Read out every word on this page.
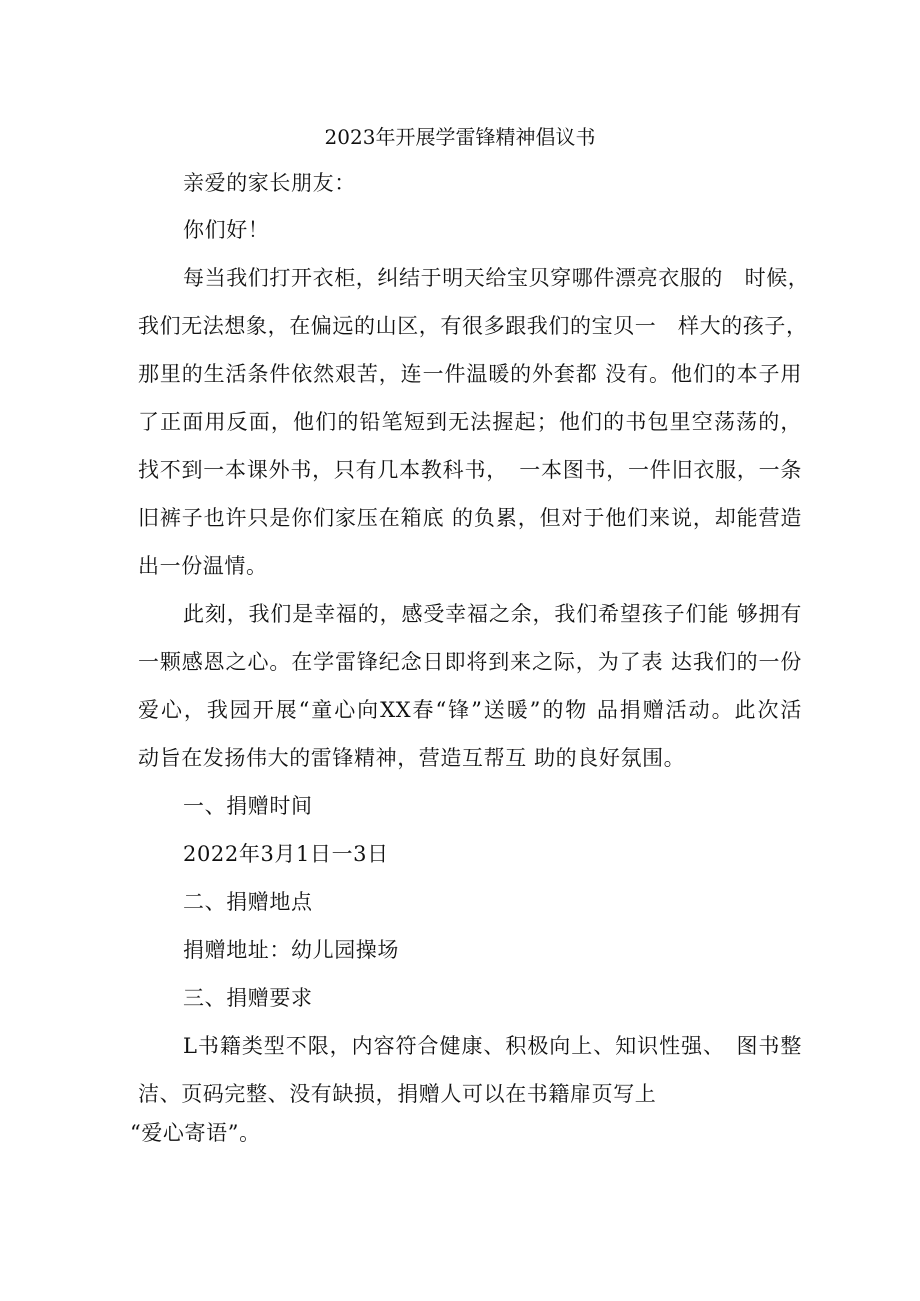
2023年开展学雷锋精神倡议书
亲爱的家长朋友：
你们好！
每当我们打开衣柜，纠结于明天给宝贝穿哪件漂亮衣服的　时候，
我们无法想象，在偏远的山区，有很多跟我们的宝贝一　样大的孩子，
那里的生活条件依然艰苦，连一件温暖的外套都 没有。他们的本子用
了正面用反面，他们的铅笔短到无法握起；他们的书包里空荡荡的，
找不到一本课外书，只有几本教科书，　一本图书，一件旧衣服，一条
旧裤子也许只是你们家压在箱底 的负累，但对于他们来说，却能营造
出一份温情。
此刻，我们是幸福的，感受幸福之余，我们希望孩子们能 够拥有
一颗感恩之心。在学雷锋纪念日即将到来之际，为了表 达我们的一份
爱心，我园开展“童心向XX春“锋”送暖”的物 品捐赠活动。此次活
动旨在发扬伟大的雷锋精神，营造互帮互 助的良好氛围。
一、捐赠时间
2022年3月1日一3日
二、捐赠地点
捐赠地址：幼儿园操场
三、捐赠要求
L书籍类型不限，内容符合健康、积极向上、知识性强、　图书整
洁、页码完整、没有缺损，捐赠人可以在书籍扉页写上
“爱心寄语”。
